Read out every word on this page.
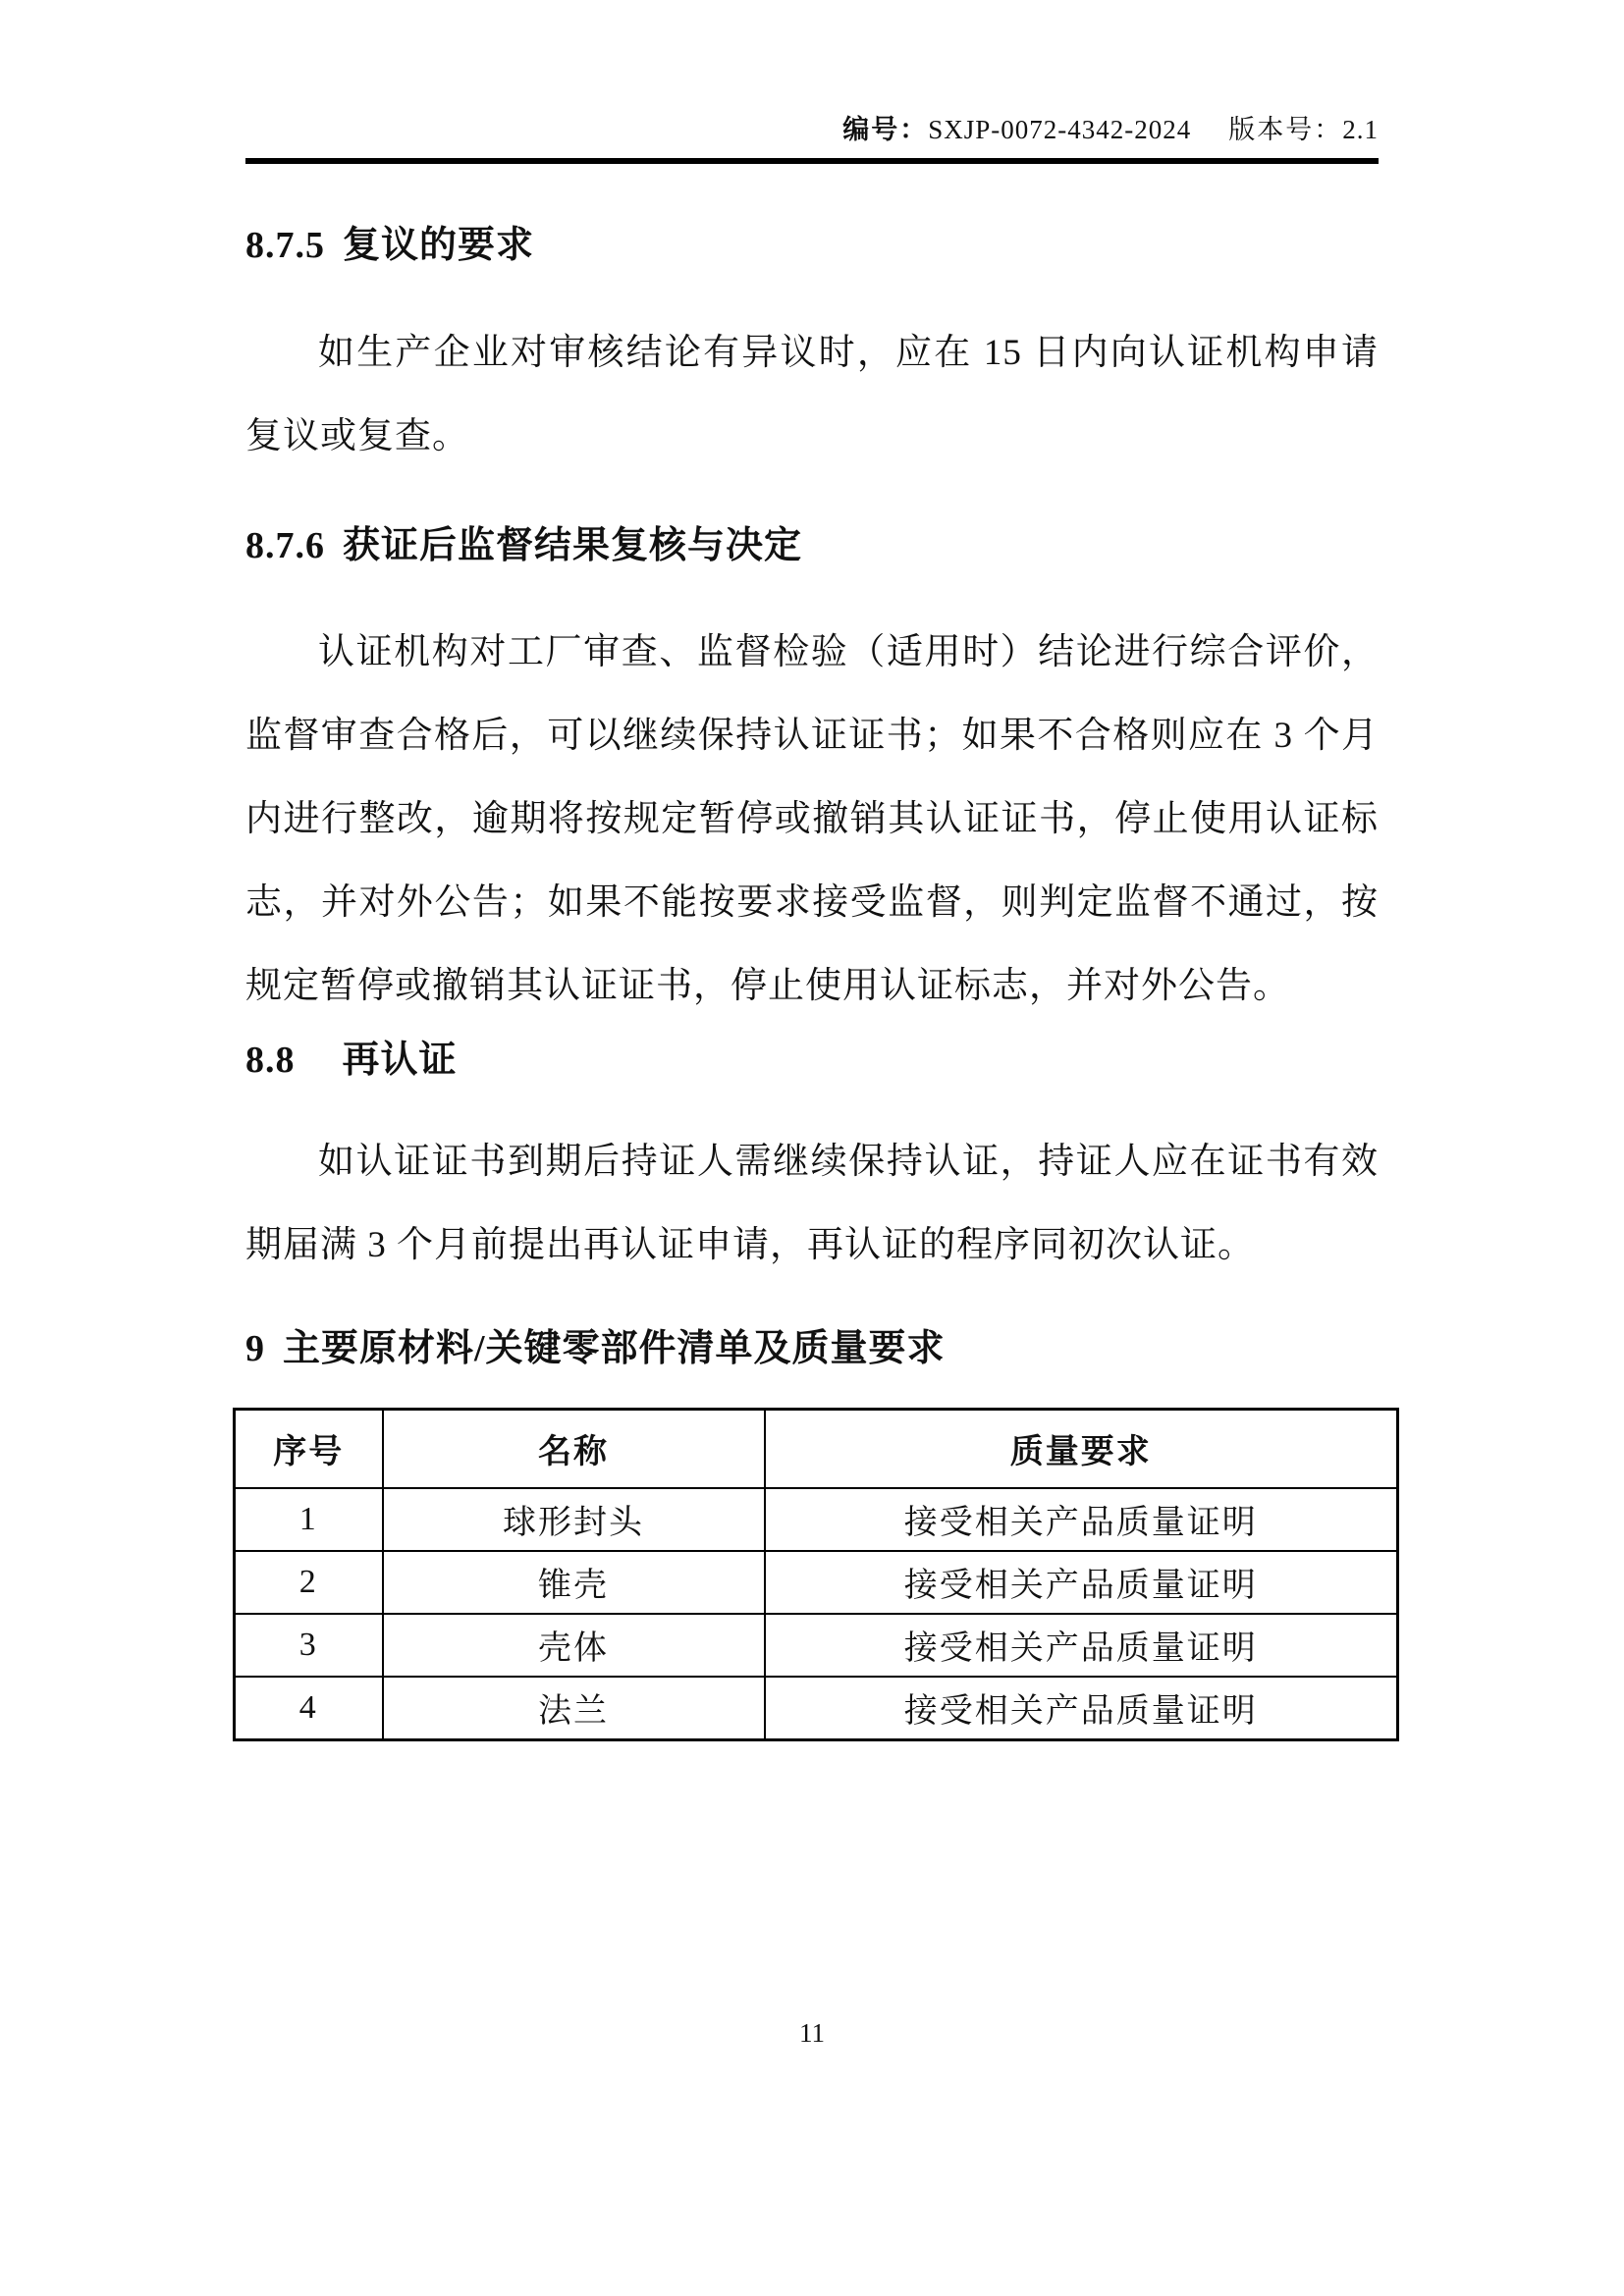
编号：SXJP-0072-4342-2024 版本号：2.1
8.7.5 复议的要求

如生产企业对审核结论有异议时，应在 15 日内向认证机构申请复议或复查。

8.7.6 获证后监督结果复核与决定

认证机构对工厂审查、监督检验（适用时）结论进行综合评价，监督审查合格后，可以继续保持认证证书；如果不合格则应在 3 个月内进行整改，逾期将按规定暂停或撤销其认证证书，停止使用认证标志，并对外公告；如果不能按要求接受监督，则判定监督不通过，按规定暂停或撤销其认证证书，停止使用认证标志，并对外公告。

8.8 再认证

如认证证书到期后持证人需继续保持认证，持证人应在证书有效期届满 3 个月前提出再认证申请，再认证的程序同初次认证。

9 主要原材料/关键零部件清单及质量要求
序号	名称	质量要求
1	球形封头	接受相关产品质量证明
2	锥壳	接受相关产品质量证明
3	壳体	接受相关产品质量证明
4	法兰	接受相关产品质量证明
11
